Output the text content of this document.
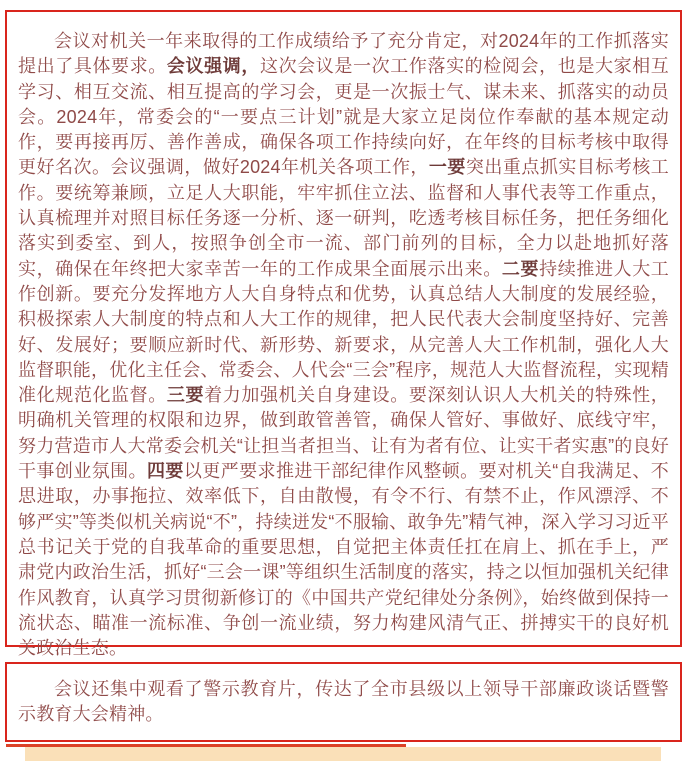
会议对机关一年来取得的工作成绩给予了充分肯定，对2024年的工作抓落实提出了具体要求。会议强调，这次会议是一次工作落实的检阅会，也是大家相互学习、相互交流、相互提高的学习会，更是一次振士气、谋未来、抓落实的动员会。2024年，常委会的“一要点三计划”就是大家立足岗位作奉献的基本规定动作，要再接再厉、善作善成，确保各项工作持续向好，在年终的目标考核中取得更好名次。会议强调，做好2024年机关各项工作，一要突出重点抓实目标考核工作。要统筹兼顾，立足人大职能，牢牢抓住立法、监督和人事代表等工作重点，认真梳理并对照目标任务逐一分析、逐一研判，吃透考核目标任务，把任务细化落实到委室、到人，按照争创全市一流、部门前列的目标，全力以赴地抓好落实，确保在年终把大家幸苦一年的工作成果全面展示出来。二要持续推进人大工作创新。要充分发挥地方人大自身特点和优势，认真总结人大制度的发展经验，积极探索人大制度的特点和人大工作的规律，把人民代表大会制度坚持好、完善好、发展好；要顺应新时代、新形势、新要求，从完善人大工作机制，强化人大监督职能，优化主任会、常委会、人代会“三会”程序，规范人大监督流程，实现精准化规范化监督。三要着力加强机关自身建设。要深刻认识人大机关的特殊性，明确机关管理的权限和边界，做到敢管善管，确保人管好、事做好、底线守牢，努力营造市人大常委会机关“让担当者担当、让有为者有位、让实干者实惠”的良好干事创业氛围。四要以更严要求推进干部纪律作风整顿。要对机关“自我满足、不思进取，办事拖拉、效率低下，自由散慢，有令不行、有禁不止，作风漂浮、不够严实”等类似机关病说“不”，持续迸发“不服输、敢争先”精气神，深入学习习近平总书记关于党的自我革命的重要思想，自觉把主体责任扛在肩上、抓在手上，严肃党内政治生活，抓好“三会一课”等组织生活制度的落实，持之以恒加强机关纪律作风教育，认真学习贯彻新修订的《中国共产党纪律处分条例》，始终做到保持一流状态、瞄准一流标准、争创一流业绩，努力构建风清气正、拼搏实干的良好机关政治生态。

会议还集中观看了警示教育片，传达了全市县级以上领导干部廉政谈话暨警示教育大会精神。
